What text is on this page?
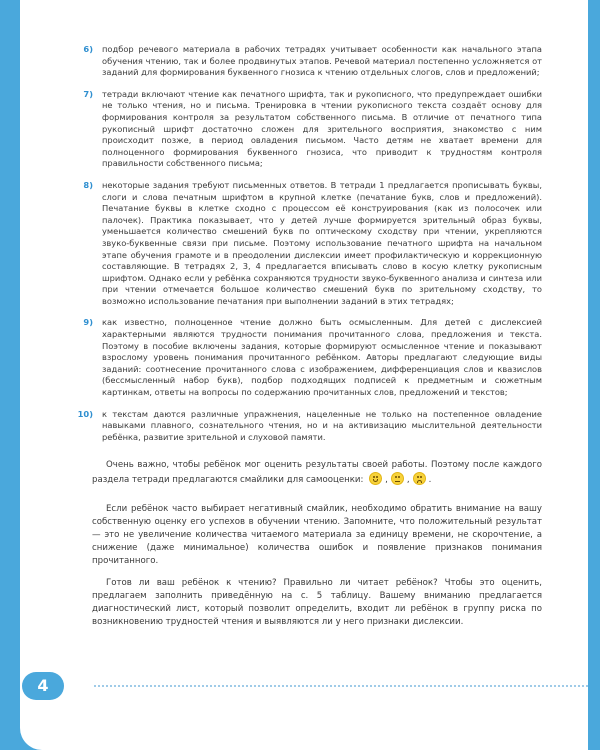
6) подбор речевого материала в рабочих тетрадях учитывает особенности как начального этапа обучения чтению, так и более продвинутых этапов. Речевой материал постепенно усложняется от заданий для формирования буквенного гнозиса к чтению отдельных слогов, слов и предложений;
7) тетради включают чтение как печатного шрифта, так и рукописного, что предупреждает ошибки не только чтения, но и письма. Тренировка в чтении рукописного текста создаёт основу для формирования контроля за результатом собственного письма. В отличие от печатного типа рукописный шрифт достаточно сложен для зрительного восприятия, знакомство с ним происходит позже, в период овладения письмом. Часто детям не хватает времени для полноценного формирования буквенного гнозиса, что приводит к трудностям контроля правильности собственного письма;
8) некоторые задания требуют письменных ответов. В тетради 1 предлагается прописывать буквы, слоги и слова печатным шрифтом в крупной клетке (печатание букв, слов и предложений). Печатание буквы в клетке сходно с процессом её конструирования (как из полосочек или палочек). Практика показывает, что у детей лучше формируется зрительный образ буквы, уменьшается количество смешений букв по оптическому сходству при чтении, укрепляются звуко-буквенные связи при письме. Поэтому использование печатного шрифта на начальном этапе обучения грамоте и в преодолении дислексии имеет профилактическую и коррекционную составляющие. В тетрадях 2, 3, 4 предлагается вписывать слово в косую клетку рукописным шрифтом. Однако если у ребёнка сохраняются трудности звуко-буквенного анализа и синтеза или при чтении отмечается большое количество смешений букв по зрительному сходству, то возможно использование печатания при выполнении заданий в этих тетрадях;
9) как известно, полноценное чтение должно быть осмысленным. Для детей с дислексией характерными являются трудности понимания прочитанного слова, предложения и текста. Поэтому в пособие включены задания, которые формируют осмысленное чтение и показывают взрослому уровень понимания прочитанного ребёнком. Авторы предлагают следующие виды заданий: соотнесение прочитанного слова с изображением, дифференциация слов и квазислов (бессмысленный набор букв), подбор подходящих подписей к предметным и сюжетным картинкам, ответы на вопросы по содержанию прочитанных слов, предложений и текстов;
10) к текстам даются различные упражнения, нацеленные не только на постепенное овладение навыками плавного, сознательного чтения, но и на активизацию мыслительной деятельности ребёнка, развитие зрительной и слуховой памяти.

Очень важно, чтобы ребёнок мог оценить результаты своей работы. Поэтому после каждого раздела тетради предлагаются смайлики для самооценки:	, , .

Если ребёнок часто выбирает негативный смайлик, необходимо обратить внимание на вашу собственную оценку его успехов в обучении чтению. Запомните, что положительный результат — это не увеличение количества читаемого материала за единицу времени, не скорочтение, а снижение (даже минимальное) количества ошибок и появление признаков понимания прочитанного.

Готов ли ваш ребёнок к чтению? Правильно ли читает ребёнок? Чтобы это оценить, предлагаем заполнить приведённую на с. 5 таблицу. Вашему вниманию предлагается диагностический лист, который позволит определить, входит ли ребёнок в группу риска по возникновению трудностей чтения и выявляются ли у него признаки дислексии.

4
